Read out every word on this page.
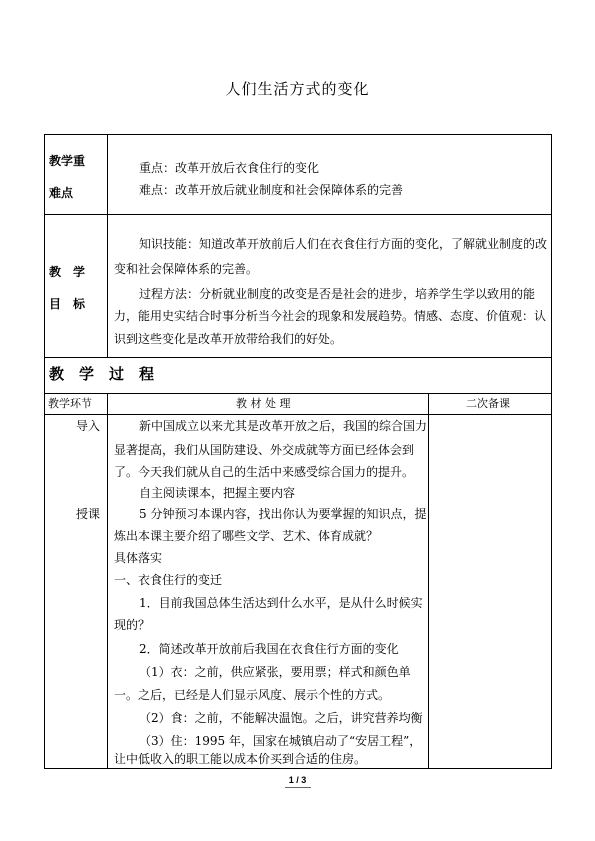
人们生活方式的变化
教学重
难点
重点：改革开放后衣食住行的变化
难点：改革开放后就业制度和社会保障体系的完善
教　学
目　标
知识技能：知道改革开放前后人们在衣食住行方面的变化，了解就业制度的改
变和社会保障体系的完善。
过程方法：分析就业制度的改变是否是社会的进步，培养学生学以致用的能
力，能用史实结合时事分析当今社会的现象和发展趋势。情感、态度、价值观：认
识到这些变化是改革开放带给我们的好处。
教　学　过　程
教学环节	教 材 处 理	二次备课
导入
授课
新中国成立以来尤其是改革开放之后，我国的综合国力
显著提高，我们从国防建设、外交成就等方面已经体会到
了。今天我们就从自己的生活中来感受综合国力的提升。
自主阅读课本，把握主要内容
5 分钟预习本课内容，找出你认为要掌握的知识点，提
炼出本课主要介绍了哪些文学、艺术、体育成就？
具体落实
一、衣食住行的变迁
1．目前我国总体生活达到什么水平，是从什么时候实
现的？
2．简述改革开放前后我国在衣食住行方面的变化
（1）衣：之前，供应紧张，要用票；样式和颜色单
一。之后，已经是人们显示风度、展示个性的方式。
（2）食：之前，不能解决温饱。之后，讲究营养均衡
（3）住：1995 年，国家在城镇启动了“安居工程”，
让中低收入的职工能以成本价买到合适的住房。
1 / 3
